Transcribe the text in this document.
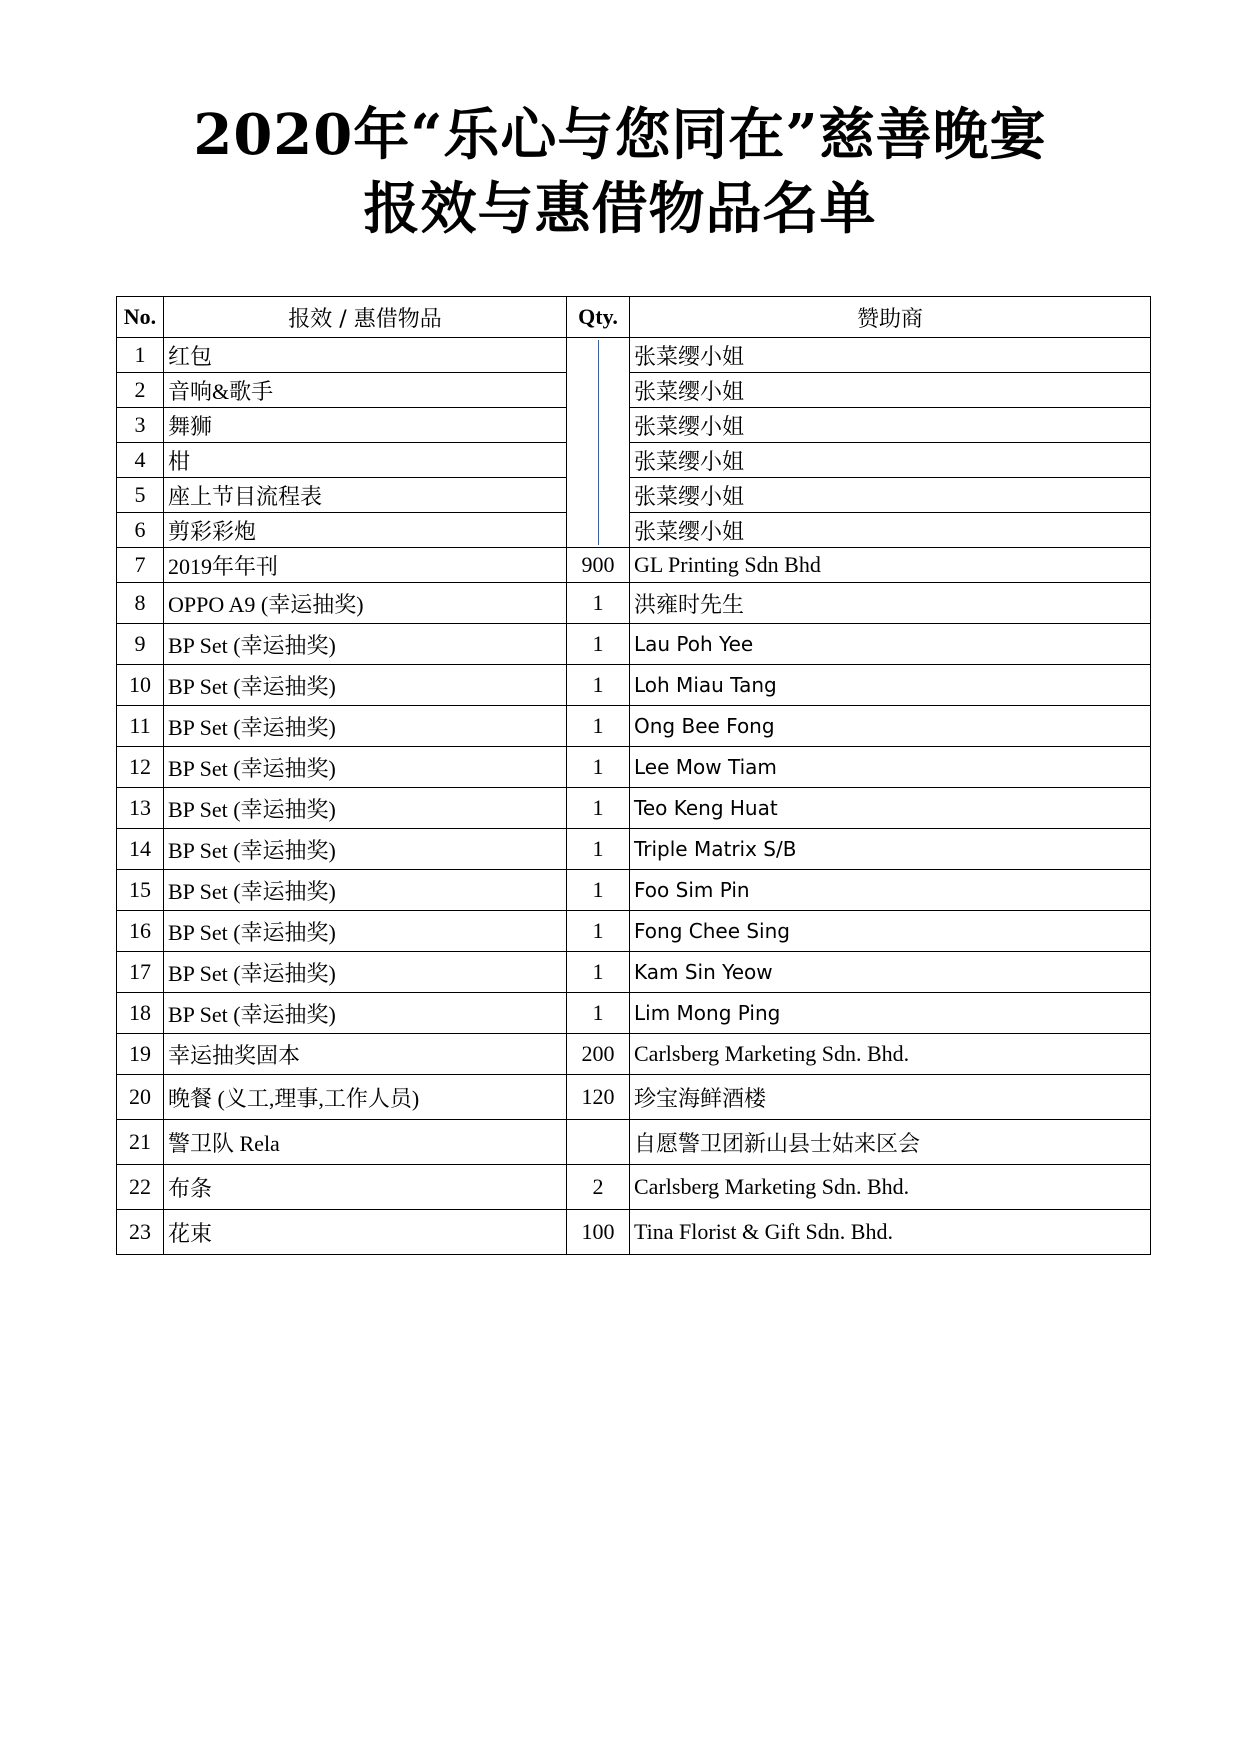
2020年“乐心与您同在”慈善晚宴
报效与惠借物品名单
No.	报效 / 惠借物品	Qty.	赞助商
1	红包		张菜缨小姐
2	音响&歌手		张菜缨小姐
3	舞狮		张菜缨小姐
4	柑		张菜缨小姐
5	座上节目流程表		张菜缨小姐
6	剪彩彩炮		张菜缨小姐
7	2019年年刊	900	GL Printing Sdn Bhd
8	OPPO A9 (幸运抽奖)	1	洪雍时先生
9	BP Set (幸运抽奖)	1	Lau Poh Yee
10	BP Set (幸运抽奖)	1	Loh Miau Tang
11	BP Set (幸运抽奖)	1	Ong Bee Fong
12	BP Set (幸运抽奖)	1	Lee Mow Tiam
13	BP Set (幸运抽奖)	1	Teo Keng Huat
14	BP Set (幸运抽奖)	1	Triple Matrix S/B
15	BP Set (幸运抽奖)	1	Foo Sim Pin
16	BP Set (幸运抽奖)	1	Fong Chee Sing
17	BP Set (幸运抽奖)	1	Kam Sin Yeow
18	BP Set (幸运抽奖)	1	Lim Mong Ping
19	幸运抽奖固本	200	Carlsberg Marketing Sdn. Bhd.
20	晚餐 (义工,理事,工作人员)	120	珍宝海鲜酒楼
21	警卫队 Rela		自愿警卫团新山县士姑来区会
22	布条	2	Carlsberg Marketing Sdn. Bhd.
23	花束	100	Tina Florist & Gift Sdn. Bhd.
